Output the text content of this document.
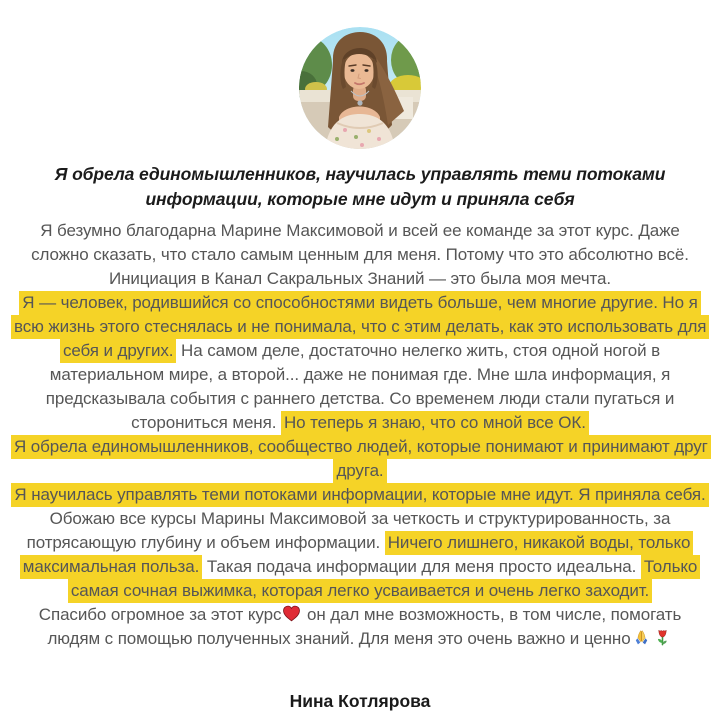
Я обрела единомышленников, научилась управлять теми потоками информации, которые мне идут и приняла себя
Я безумно благодарна Марине Максимовой и всей ее команде за этот курс. Даже сложно сказать, что стало самым ценным для меня. Потому что это абсолютно всё. Инициация в Канал Сакральных Знаний — это была моя мечта.
Я — человек, родившийся со способностями видеть больше, чем многие другие. Но я всю жизнь этого стеснялась и не понимала, что с этим делать, как это использовать для себя и других. На самом деле, достаточно нелегко жить, стоя одной ногой в материальном мире, а второй... даже не понимая где. Мне шла информация, я предсказывала события с раннего детства. Со временем люди стали пугаться и сторониться меня. Но теперь я знаю, что со мной все ОК.
Я обрела единомышленников, сообщество людей, которые понимают и принимают друг друга.
Я научилась управлять теми потоками информации, которые мне идут. Я приняла себя.
Обожаю все курсы Марины Максимовой за четкость и структурированность, за потрясающую глубину и объем информации. Ничего лишнего, никакой воды, только максимальная польза. Такая подача информации для меня просто идеальна. Только самая сочная выжимка, которая легко усваивается и очень легко заходит.
Спасибо огромное за этот курс
он дал мне возможность, в том числе, помогать людям с помощью полученных знаний. Для меня это очень важно и ценно
Нина Котлярова
